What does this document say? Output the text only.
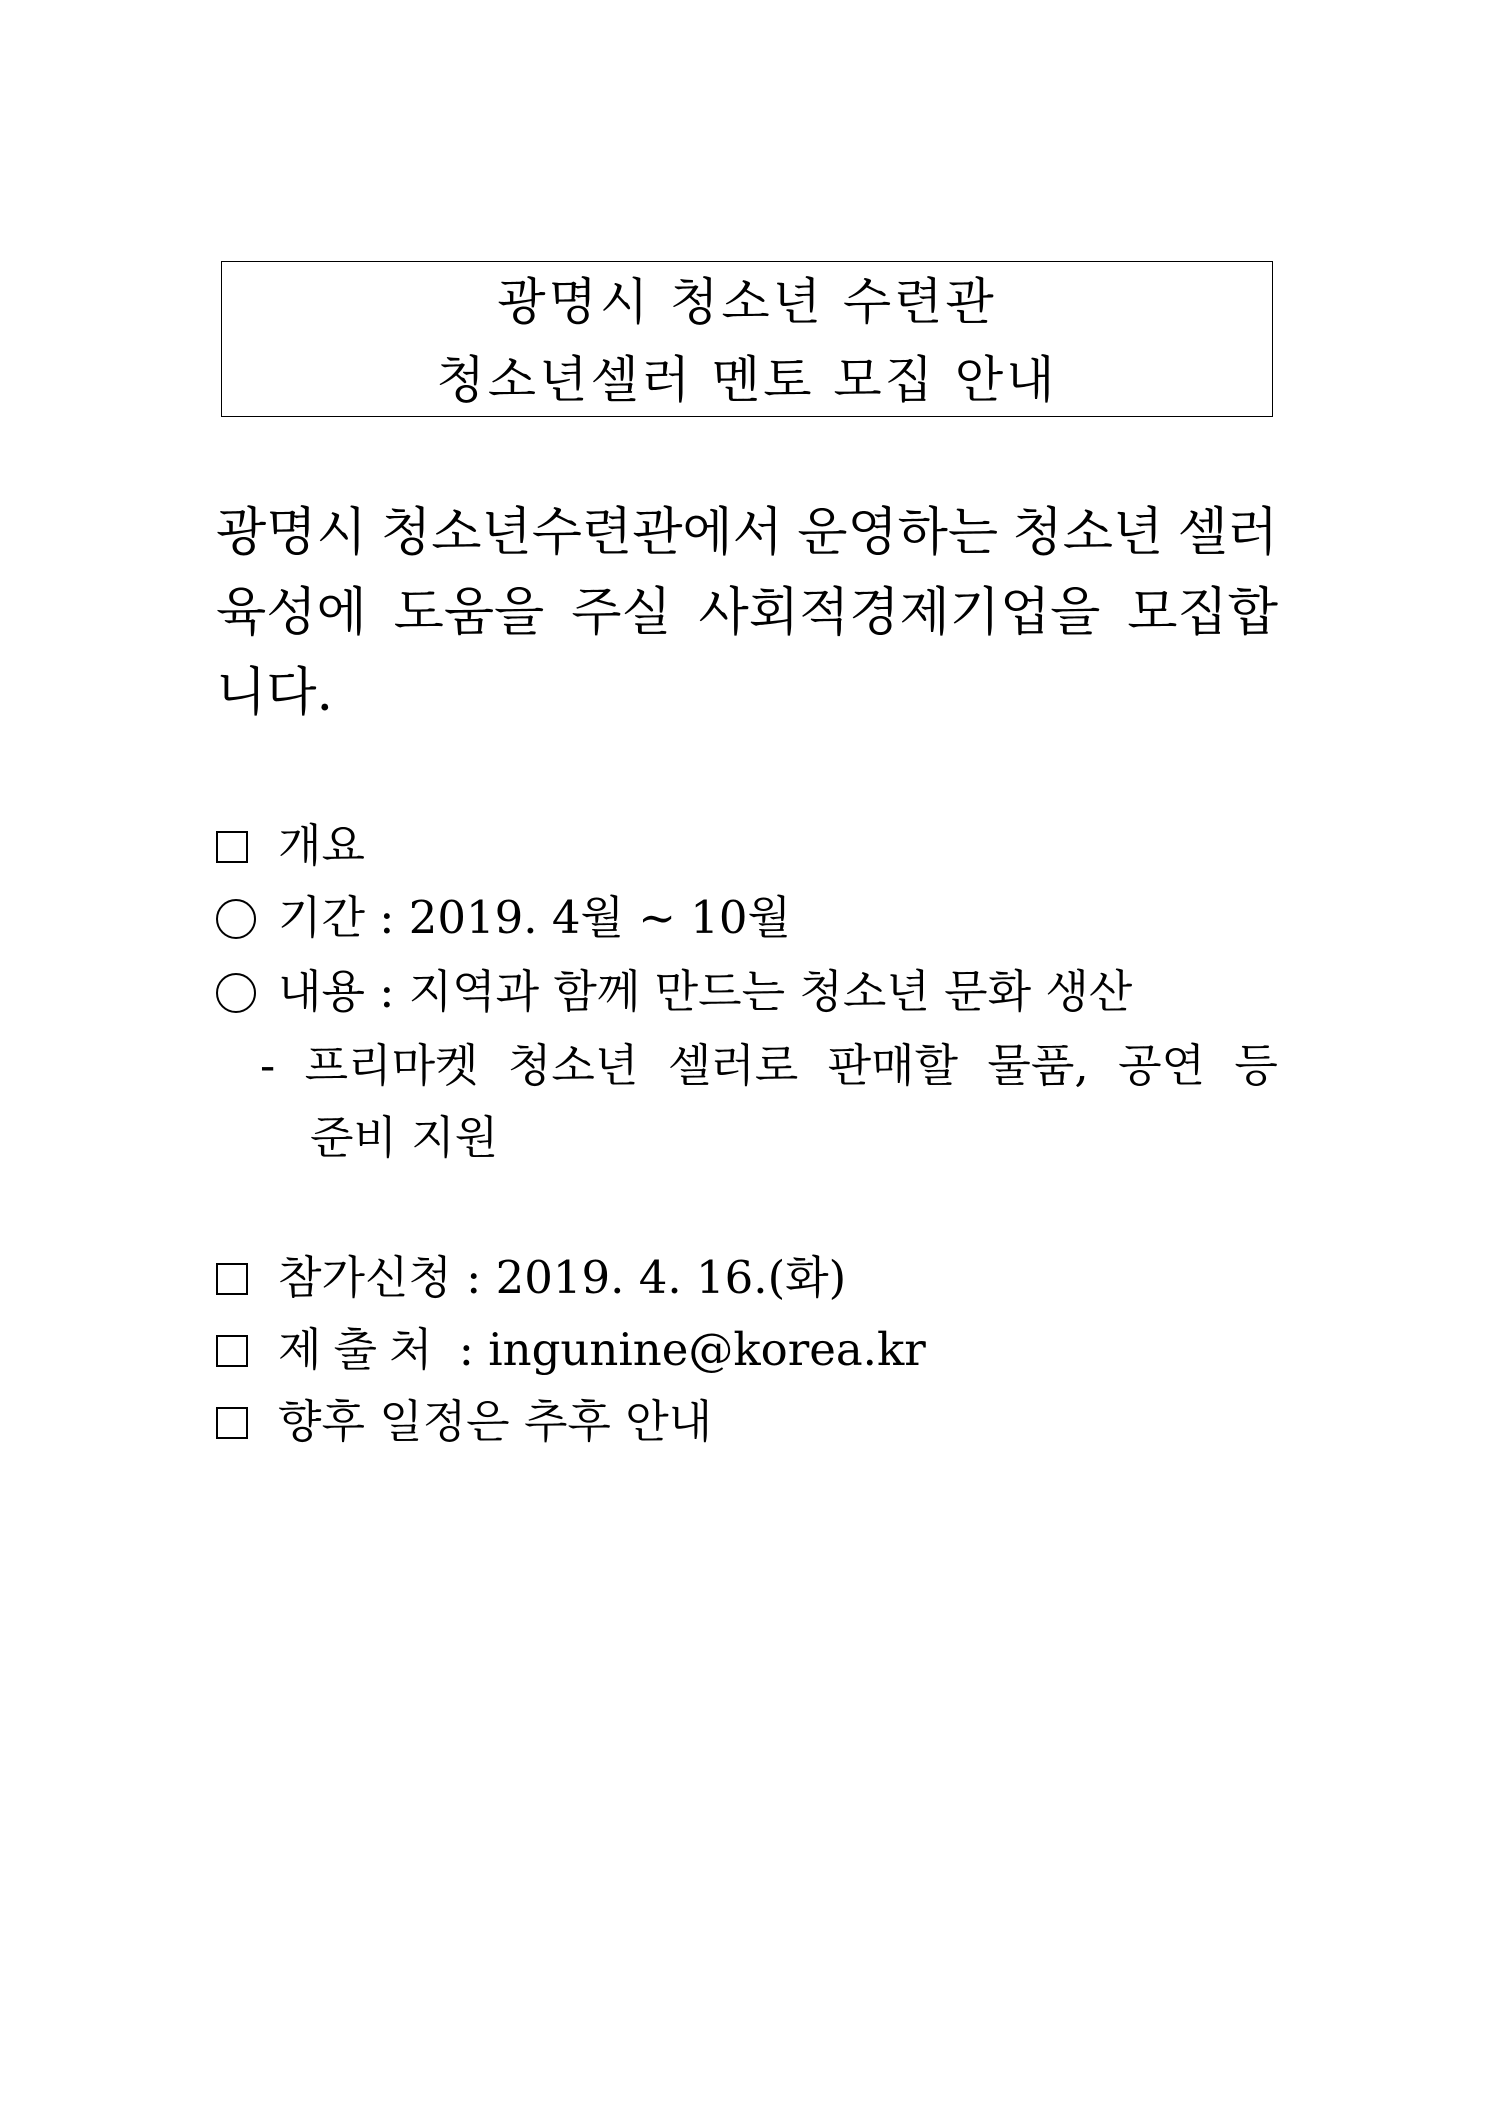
광명시 청소년 수련관
청소년셀러 멘토 모집 안내
광명시 청소년수련관에서 운영하는 청소년 셀러
육성에 도움을 주실 사회적경제기업을 모집합
니다.
개요
기간 : 2019. 4월 ~ 10월
내용 : 지역과 함께 만드는 청소년 문화 생산
- 프리마켓 청소년 셀러로 판매할 물품, 공연 등
준비 지원
참가신청 : 2019. 4. 16.(화)
제출처 : ingunine@korea.kr
향후 일정은 추후 안내
